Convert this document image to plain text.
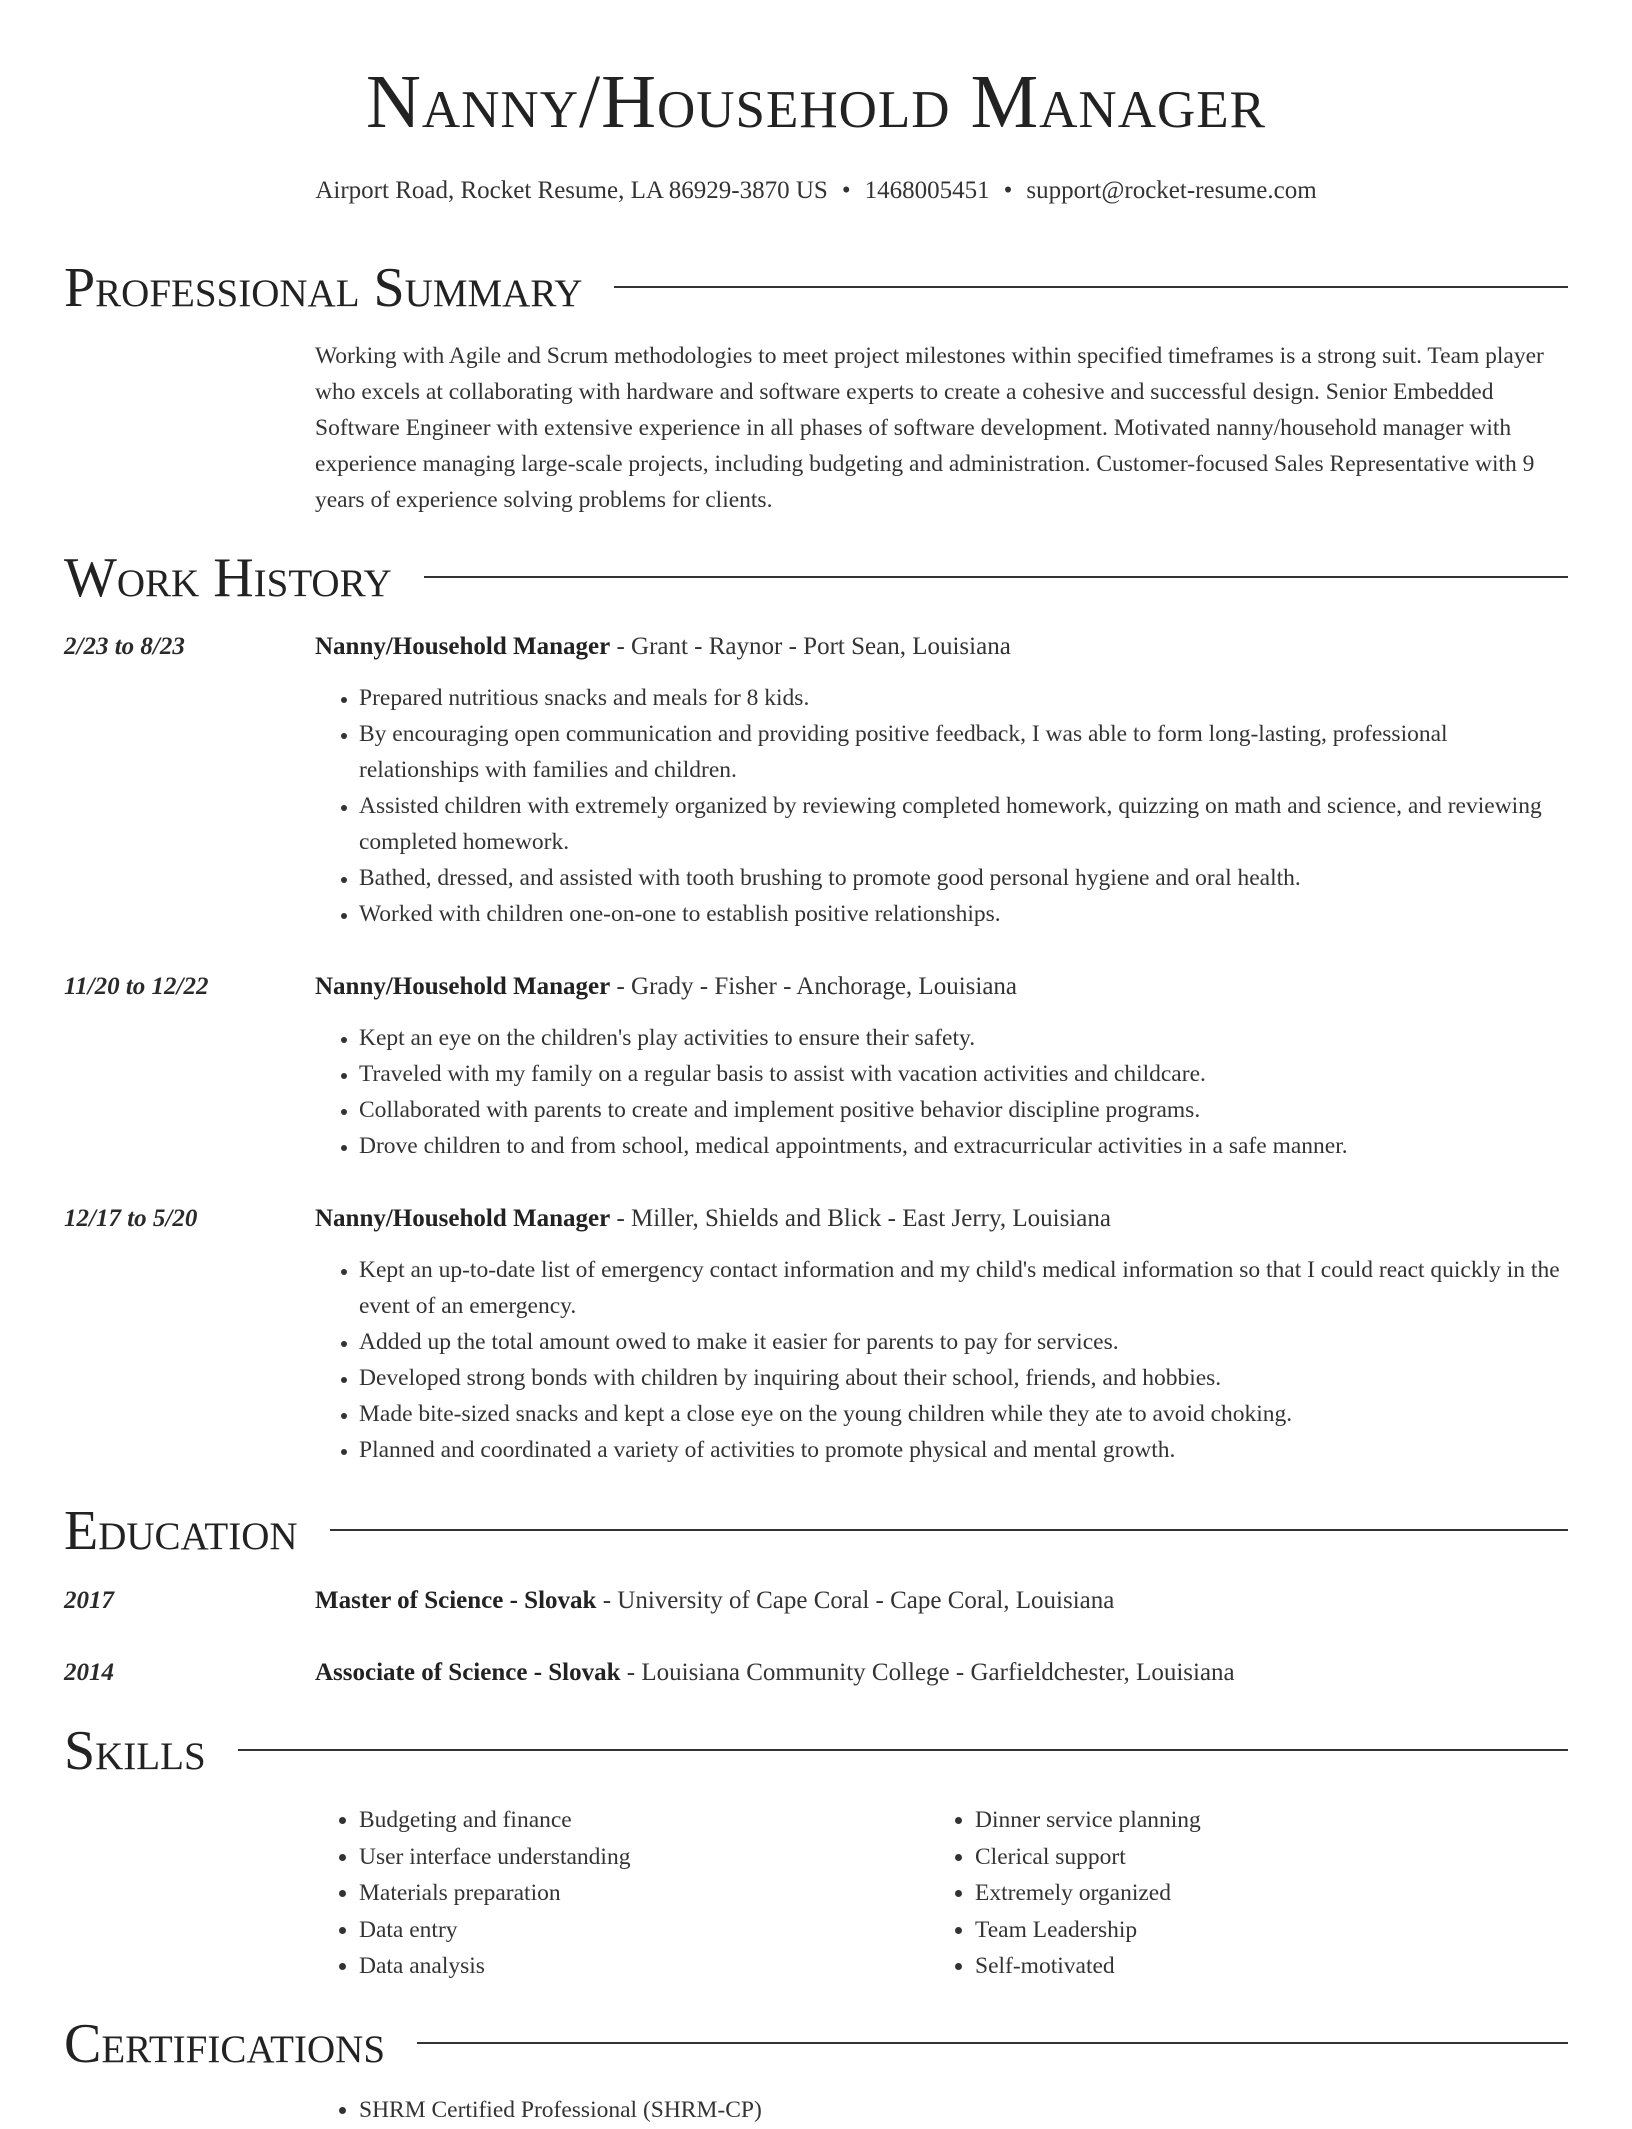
Nanny/Household Manager
Airport Road, Rocket Resume, LA 86929-3870 US • 1468005451 • support@rocket-resume.com
Professional Summary

Working with Agile and Scrum methodologies to meet project milestones within specified timeframes is a strong suit. Team player who excels at collaborating with hardware and software experts to create a cohesive and successful design. Senior Embedded Software Engineer with extensive experience in all phases of software development. Motivated nanny/household manager with experience managing large-scale projects, including budgeting and administration. Customer-focused Sales Representative with 9 years of experience solving problems for clients.

Work History
2/23 to 8/23	Nanny/Household Manager - Grant - Raynor - Port Sean, Louisiana
• Prepared nutritious snacks and meals for 8 kids.
• By encouraging open communication and providing positive feedback, I was able to form long-lasting, professional relationships with families and children.
• Assisted children with extremely organized by reviewing completed homework, quizzing on math and science, and reviewing completed homework.
• Bathed, dressed, and assisted with tooth brushing to promote good personal hygiene and oral health.
• Worked with children one-on-one to establish positive relationships.
11/20 to 12/22	Nanny/Household Manager - Grady - Fisher - Anchorage, Louisiana
• Kept an eye on the children's play activities to ensure their safety.
• Traveled with my family on a regular basis to assist with vacation activities and childcare.
• Collaborated with parents to create and implement positive behavior discipline programs.
• Drove children to and from school, medical appointments, and extracurricular activities in a safe manner.
12/17 to 5/20	Nanny/Household Manager - Miller, Shields and Blick - East Jerry, Louisiana
• Kept an up-to-date list of emergency contact information and my child's medical information so that I could react quickly in the event of an emergency.
• Added up the total amount owed to make it easier for parents to pay for services.
• Developed strong bonds with children by inquiring about their school, friends, and hobbies.
• Made bite-sized snacks and kept a close eye on the young children while they ate to avoid choking.
• Planned and coordinated a variety of activities to promote physical and mental growth.
Education
2017	Master of Science - Slovak - University of Cape Coral - Cape Coral, Louisiana
2014	Associate of Science - Slovak - Louisiana Community College - Garfieldchester, Louisiana
Skills
• Budgeting and finance
• User interface understanding
• Materials preparation
• Data entry
• Data analysis
• Dinner service planning
• Clerical support
• Extremely organized
• Team Leadership
• Self-motivated
Certifications
• SHRM Certified Professional (SHRM-CP)
